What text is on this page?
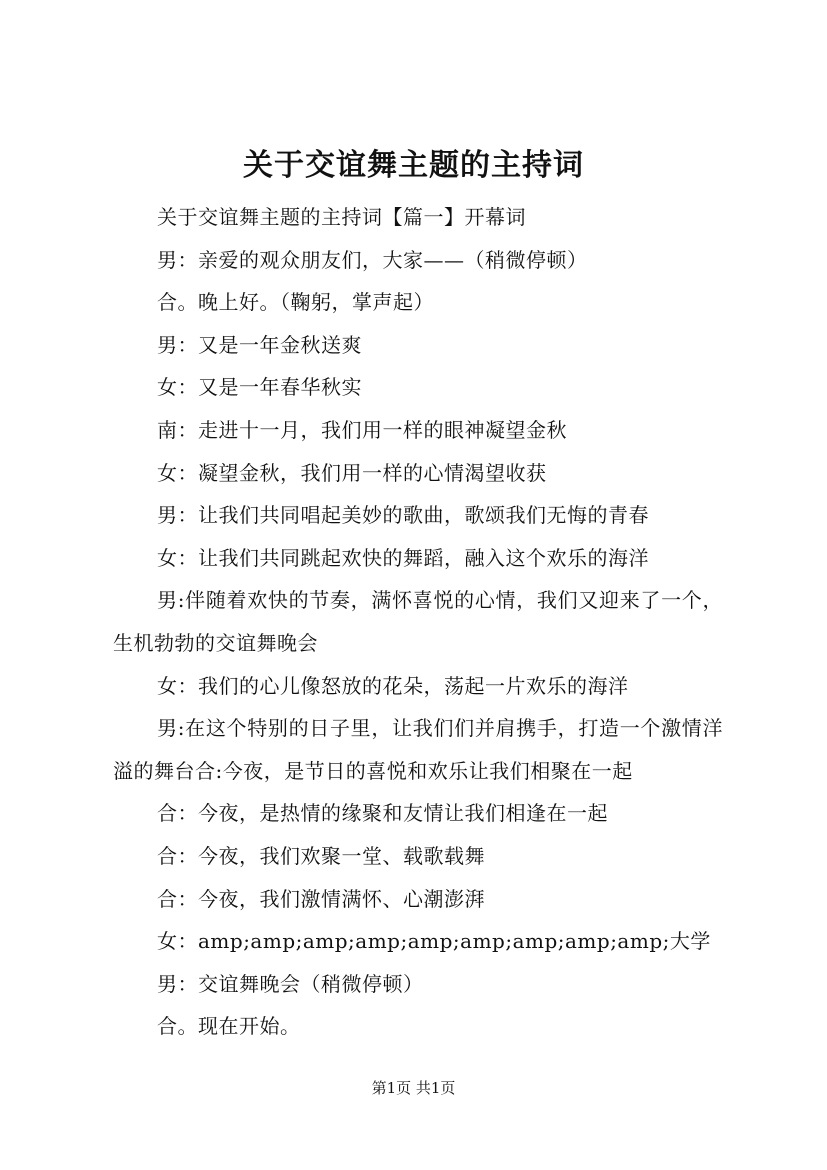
关于交谊舞主题的主持词

关于交谊舞主题的主持词【篇一】开幕词

男：亲爱的观众朋友们，大家——（稍微停顿）

合。晚上好。（鞠躬，掌声起）

男：又是一年金秋送爽

女：又是一年春华秋实

南：走进十一月，我们用一样的眼神凝望金秋

女：凝望金秋，我们用一样的心情渴望收获

男：让我们共同唱起美妙的歌曲，歌颂我们无悔的青春

女：让我们共同跳起欢快的舞蹈，融入这个欢乐的海洋

男:伴随着欢快的节奏，满怀喜悦的心情，我们又迎来了一个，生机勃勃的交谊舞晚会

女：我们的心儿像怒放的花朵，荡起一片欢乐的海洋

男:在这个特别的日子里，让我们们并肩携手，打造一个激情洋溢的舞台合:今夜，是节日的喜悦和欢乐让我们相聚在一起

合：今夜，是热情的缘聚和友情让我们相逢在一起

合：今夜，我们欢聚一堂、载歌载舞

合：今夜，我们激情满怀、心潮澎湃

女：amp;amp;amp;amp;amp;amp;amp;amp;amp;大学

男：交谊舞晚会（稍微停顿）

合。现在开始。

第1页 共1页
